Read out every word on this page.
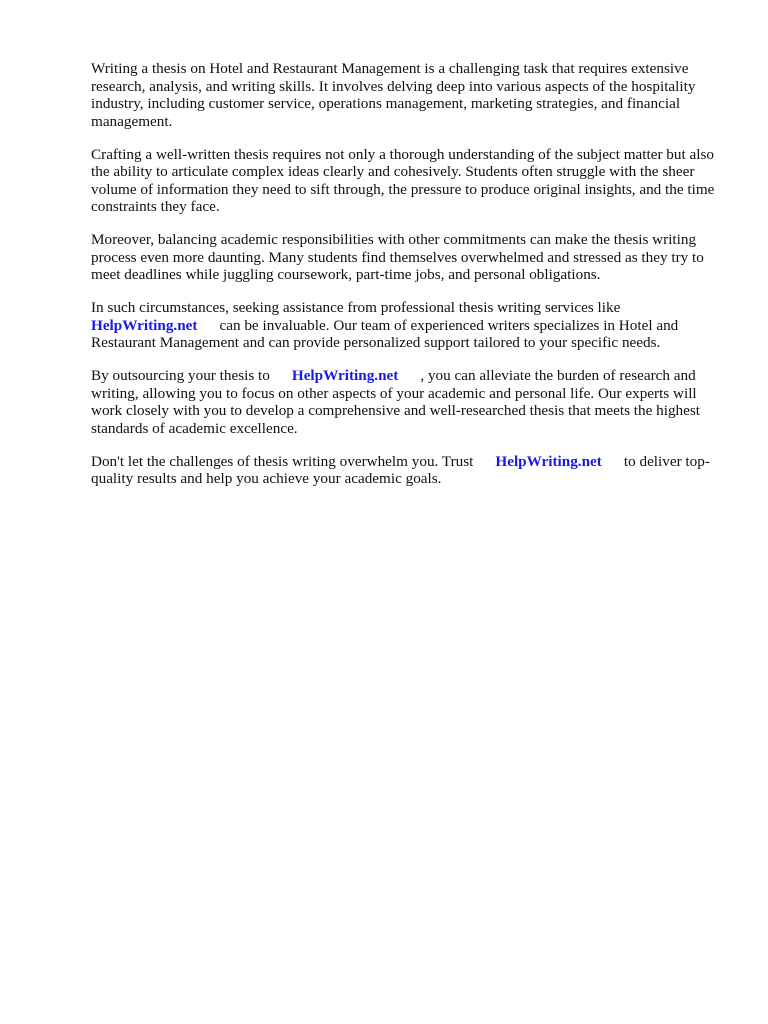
Writing a thesis on Hotel and Restaurant Management is a challenging task that requires extensive research, analysis, and writing skills. It involves delving deep into various aspects of the hospitality industry, including customer service, operations management, marketing strategies, and financial management.

Crafting a well-written thesis requires not only a thorough understanding of the subject matter but also the ability to articulate complex ideas clearly and cohesively. Students often struggle with the sheer volume of information they need to sift through, the pressure to produce original insights, and the time constraints they face.

Moreover, balancing academic responsibilities with other commitments can make the thesis writing process even more daunting. Many students find themselves overwhelmed and stressed as they try to meet deadlines while juggling coursework, part-time jobs, and personal obligations.

In such circumstances, seeking assistance from professional thesis writing services like
HelpWriting.net can be invaluable. Our team of experienced writers specializes in Hotel and Restaurant Management and can provide personalized support tailored to your specific needs.

By outsourcing your thesis to HelpWriting.net , you can alleviate the burden of research and writing, allowing you to focus on other aspects of your academic and personal life. Our experts will work closely with you to develop a comprehensive and well-researched thesis that meets the highest standards of academic excellence.

Don't let the challenges of thesis writing overwhelm you. Trust HelpWriting.net to deliver top-quality results and help you achieve your academic goals.
